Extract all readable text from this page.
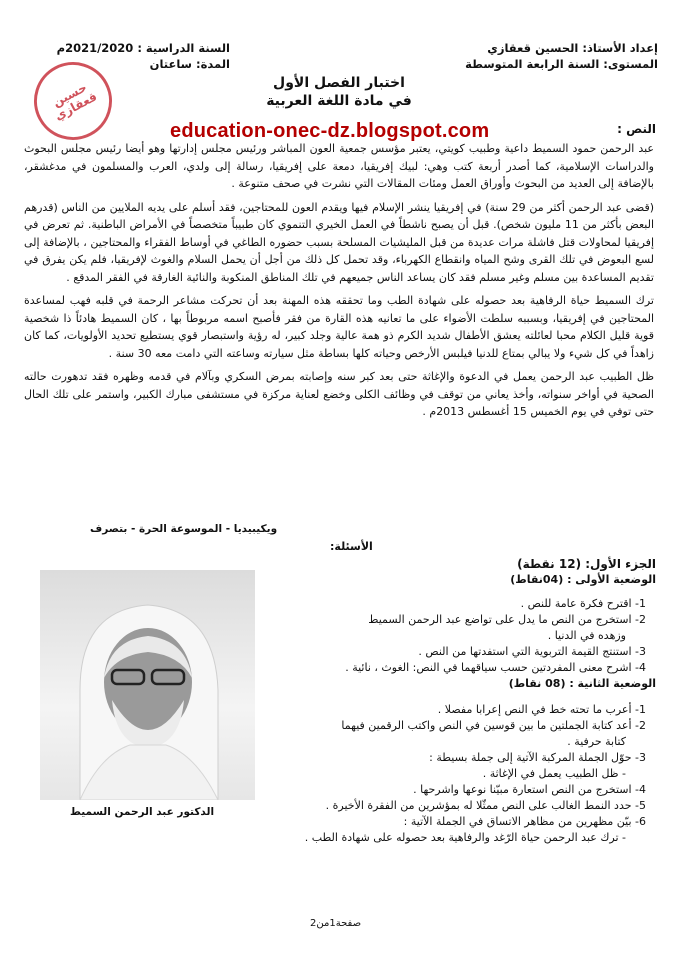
إعداد الأستاذ: الحسين قعقازي
المستوى: السنة الرابعة المتوسطة
السنة الدراسية : 2021/2020م
المدة: ساعتان
حسين قعقازي
اختبار الفصل الأول
في مادة اللغة العربية
education-onec-dz.blogspot.com	النص :

عبد الرحمن حمود السميط داعية وطبيب كويتي، يعتبر مؤسس جمعية العون المباشر ورئيس مجلس إدارتها وهو أيضا رئيس مجلس البحوث والدراسات الإسلامية، كما أصدر أربعة كتب وهي: لبيك إفريقيا، دمعة على إفريقيا، رسالة إلى ولدي، العرب والمسلمون في مدغشقر، بالإضافة إلى العديد من البحوث وأوراق العمل ومئات المقالات التي نشرت في صحف متنوعة .

(قضى عبد الرحمن أكثر من 29 سنة) في إفريقيا ينشر الإسلام فيها ويقدم العون للمحتاجين، فقد أسلم على يديه الملايين من الناس (قدرهم البعض بأكثر من 11 مليون شخص). قبل أن يصبح ناشطاً في العمل الخيري التنموي كان طبيباً متخصصاً في الأمراض الباطنية. ثم تعرض في إفريقيا لمحاولات قتل فاشلة مرات عديدة من قبل المليشيات المسلحة بسبب حضوره الطاغي في أوساط الفقراء والمحتاجين ، بالإضافة إلى لسع البعوض في تلك القرى وشح المياه وانقطاع الكهرباء، وقد تحمل كل ذلك من أجل أن يحمل السلام والغوث لإفريقيا، فلم يكن يفرق في تقديم المساعدة بين مسلم وغير مسلم فقد كان يساعد الناس جميعهم في تلك المناطق المنكوبة والنائية الغارقة في الفقر المدقع .

ترك السميط حياة الرفاهية بعد حصوله على شهادة الطب وما تحققه هذه المهنة بعد أن تحركت مشاعر الرحمة في قلبه فهب لمساعدة المحتاجين في إفريقيا، وبسببه سلطت الأضواء على ما تعانيه هذه القارة من فقر فأصبح اسمه مربوطاً بها ، كان السميط هادئاً ذا شخصية قوية قليل الكلام محبا لعائلته يعشق الأطفال شديد الكرم ذو همة عالية وجلد كبير، له رؤية واستبصار قوي يستطيع تحديد الأولويات، كما كان زاهداً في كل شيء ولا يبالي بمتاع للدنيا فيلبس الأرخص وحياته كلها بساطة مثل سيارته وساعته التي دامت معه 30 سنة .

ظل الطبيب عبد الرحمن يعمل في الدعوة والإغاثة حتى بعد كبر سنه وإصابته بمرض السكري وبآلام في قدمه وظهره فقد تدهورت حالته الصحية في أواخر سنواته، وأخذ يعاني من توقف في وظائف الكلى وخضع لعناية مركزة في مستشفى مبارك الكبير، واستمر على تلك الحال حتى توفي في يوم الخميس 15 أغسطس 2013م .

ويكيبيديا - الموسوعة الحرة - بتصرف
الأسئلة:
الجزء الأول: (12 نقطة)
الوضعية الأولى : (04نقاط)
1- اقترح فكرة عامة للنص .
2- استخرج من النص ما يدل على تواضع عبد الرحمن السميط
وزهده في الدنيا .
3- استنتج القيمة التربوية التي استفدتها من النص .
4- اشرح معنى المفردتين حسب سياقهما في النص: الغوث ، نائية .
الوضعية الثانية : (08 نقاط)
1- أعرب ما تحته خط في النص إعرابا مفصلا .
2- أعد كتابة الجملتين ما بين قوسين في النص واكتب الرقمين فيهما
كتابة حرفية .
3- حوّل الجملة المركبة الآتية إلى جملة بسيطة :
- ظل الطبيب يعمل في الإغاثة .
4- استخرج من النص استعارة مبيّنا نوعها واشرحها .
5- حدد النمط الغالب على النص ممثّلا له بمؤشرين من الفقرة الأخيرة .
6- بيّن مظهرين من مظاهر الاتساق في الجملة الآتية :
- ترك عبد الرحمن حياة الرّغد والرفاهية بعد حصوله على شهادة الطب .
الدكتور عبد الرحمن السميط
صفحة1من2
